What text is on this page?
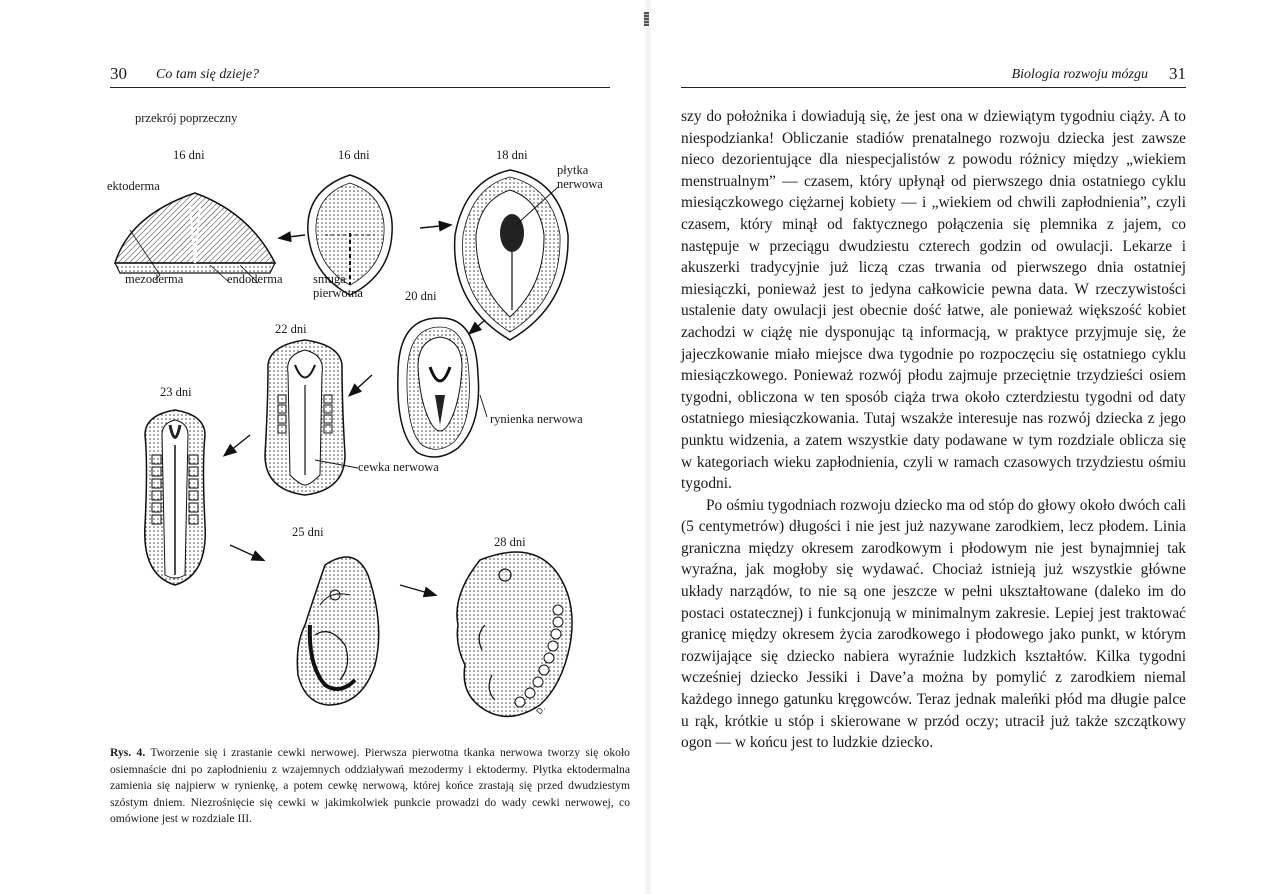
30 Co tam się dzieje?
D.
przekrój poprzeczny
16 dni	16 dni	18 dni
ektoderma
płytka
nerwowa
mezoderma	endoderma smuga
pierwotna	20 dni
22 dni
23 dni
rynienka nerwowa
cewka nerwowa
25 dni
28 dni
Rys. 4. Tworzenie się i zrastanie cewki nerwowej. Pierwsza pierwotna tkanka nerwowa tworzy się około osiemnaście dni po zapłodnieniu z wzajemnych oddziaływań mezodermy i ektodermy. Płytka ektodermalna zamienia się najpierw w rynienkę, a potem cewkę nerwową, której końce zrastają się przed dwudziestym szóstym dniem. Niezrośnięcie się cewki w jakimkolwiek punkcie prowadzi do wady cewki nerwowej, co omówione jest w rozdziale III.
Biologia rozwoju mózgu 31

szy do położnika i dowiadują się, że jest ona w dziewiątym tygodniu ciąży. A to niespodzianka! Obliczanie stadiów prenatalnego rozwoju dziecka jest zawsze nieco dezorientujące dla niespecjalistów z powodu różnicy między „wiekiem menstrualnym” — czasem, który upłynął od pierwszego dnia ostatniego cyklu miesiączkowego ciężarnej kobiety — i „wiekiem od chwili zapłodnienia”, czyli czasem, który minął od faktycznego połączenia się plemnika z jajem, co następuje w przeciągu dwudziestu czterech godzin od owulacji. Lekarze i akuszerki tradycyjnie już liczą czas trwania od pierwszego dnia ostatniej miesiączki, ponieważ jest to jedyna całkowicie pewna data. W rzeczywistości ustalenie daty owulacji jest obecnie dość łatwe, ale ponieważ większość kobiet zachodzi w ciążę nie dysponując tą informacją, w praktyce przyjmuje się, że jajeczkowanie miało miejsce dwa tygodnie po rozpoczęciu się ostatniego cyklu miesiączkowego. Ponieważ rozwój płodu zajmuje przeciętnie trzydzieści osiem tygodni, obliczona w ten sposób ciąża trwa około czterdziestu tygodni od daty ostatniego miesiączkowania. Tutaj wszakże interesuje nas rozwój dziecka z jego punktu widzenia, a zatem wszystkie daty podawane w tym rozdziale oblicza się w kategoriach wieku zapłodnienia, czyli w ramach czasowych trzydziestu ośmiu tygodni.

Po ośmiu tygodniach rozwoju dziecko ma od stóp do głowy około dwóch cali (5 centymetrów) długości i nie jest już nazywane zarodkiem, lecz płodem. Linia graniczna między okresem zarodkowym i płodowym nie jest bynajmniej tak wyraźna, jak mogłoby się wydawać. Chociaż istnieją już wszystkie główne układy narządów, to nie są one jeszcze w pełni ukształtowane (daleko im do postaci ostatecznej) i funkcjonują w minimalnym zakresie. Lepiej jest traktować granicę między okresem życia zarodkowego i płodowego jako punkt, w którym rozwijające się dziecko nabiera wyraźnie ludzkich kształtów. Kilka tygodni wcześniej dziecko Jessiki i Dave’a można by pomylić z zarodkiem niemal każdego innego gatunku kręgowców. Teraz jednak maleńki płód ma długie palce u rąk, krótkie u stóp i skierowane w przód oczy; utracił już także szczątkowy ogon — w końcu jest to ludzkie dziecko.
